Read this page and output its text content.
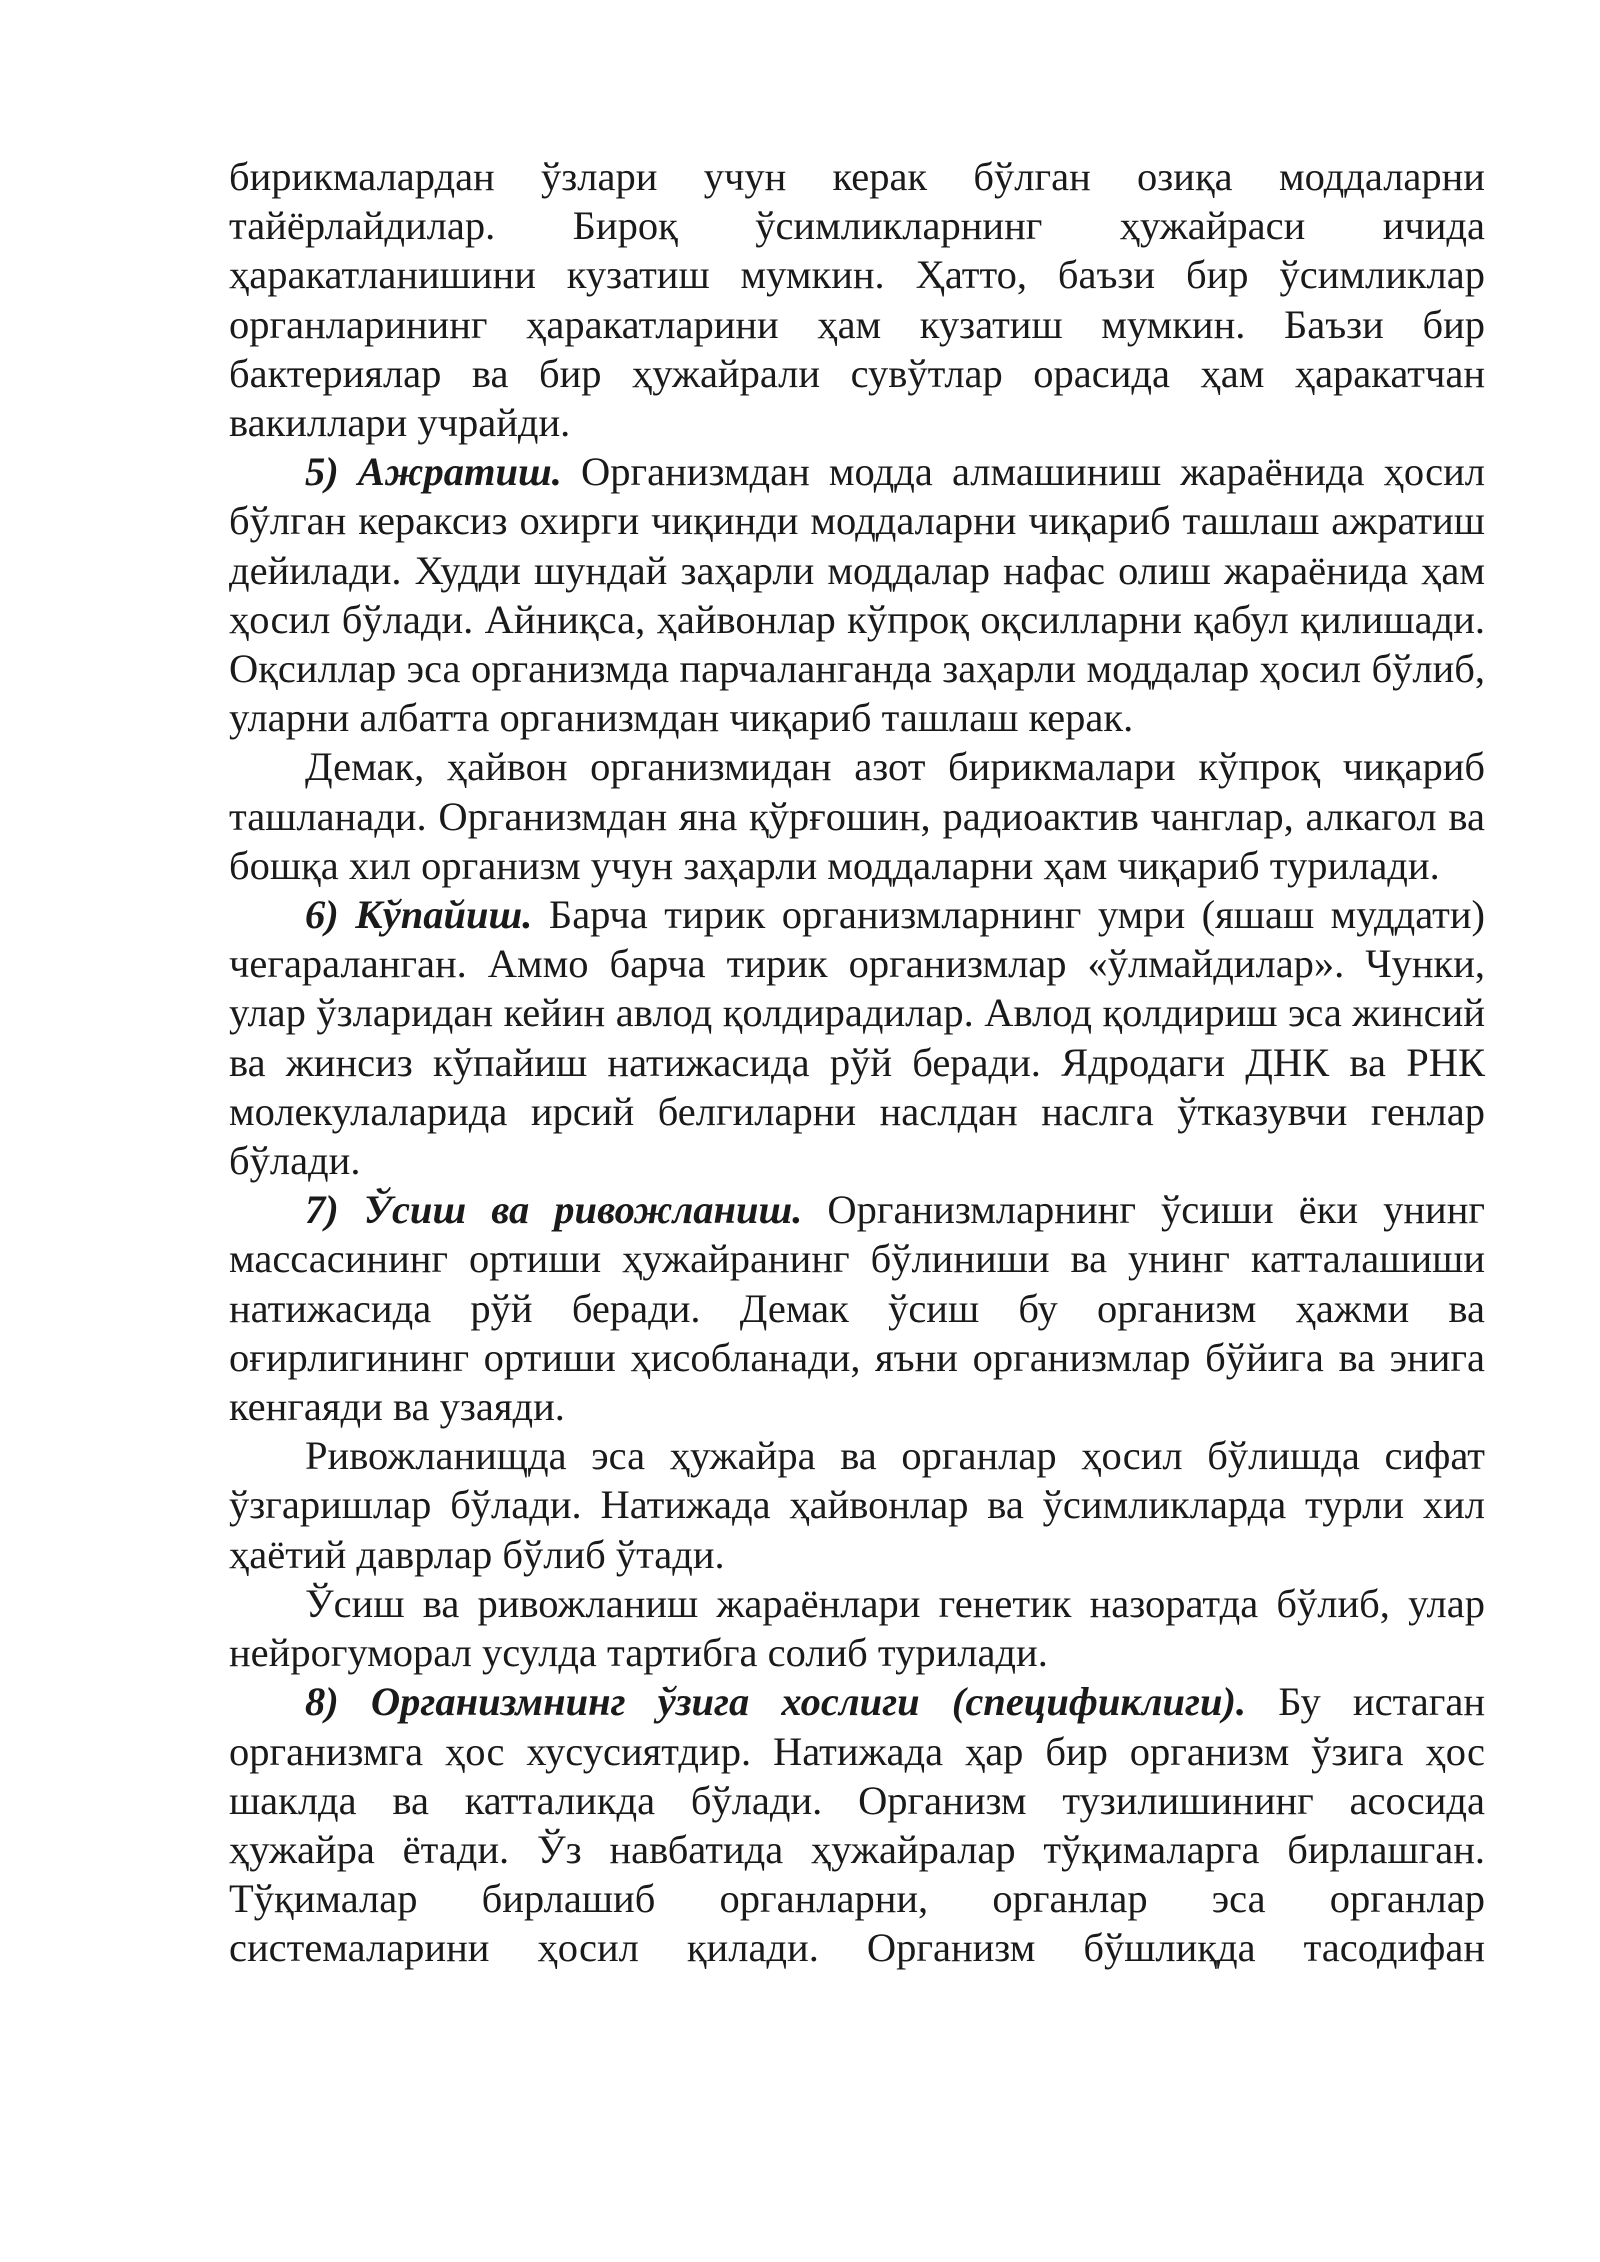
бирикмалардан ўзлари учун керак бўлган озиқа моддаларни тайёрлайдилар. Бироқ ўсимликларнинг ҳужайраси ичида ҳаракатланишини кузатиш мумкин. Ҳатто, баъзи бир ўсимликлар органларининг ҳаракатларини ҳам кузатиш мумкин. Баъзи бир бактериялар ва бир ҳужайрали сувўтлар орасида ҳам ҳаракатчан вакиллари учрайди.

5) Ажратиш. Организмдан модда алмашиниш жараёнида ҳосил бўлган кераксиз охирги чиқинди моддаларни чиқариб ташлаш ажратиш дейилади. Худди шундай заҳарли моддалар нафас олиш жараёнида ҳам ҳосил бўлади. Айниқса, ҳайвонлар кўпроқ оқсилларни қабул қилишади. Оқсиллар эса организмда парчаланганда заҳарли моддалар ҳосил бўлиб, уларни албатта организмдан чиқариб ташлаш керак.

Демак, ҳайвон организмидан азот бирикмалари кўпроқ чиқариб ташланади. Организмдан яна қўрғошин, радиоактив чанглар, алкагол ва бошқа хил организм учун заҳарли моддаларни ҳам чиқариб турилади.

6) Кўпайиш. Барча тирик организмларнинг умри (яшаш муддати) чегараланган. Аммо барча тирик организмлар «ўлмайдилар». Чунки, улар ўзларидан кейин авлод қолдирадилар. Авлод қолдириш эса жинсий ва жинсиз кўпайиш натижасида рўй беради. Ядродаги ДНК ва РНК молекулаларида ирсий белгиларни наслдан наслга ўтказувчи генлар бўлади.

7) Ўсиш ва ривожланиш. Организмларнинг ўсиши ёки унинг массасининг ортиши ҳужайранинг бўлиниши ва унинг катталашиши натижасида рўй беради. Демак ўсиш бу организм ҳажми ва оғирлигининг ортиши ҳисобланади, яъни организмлар бўйига ва энига кенгаяди ва узаяди.

Ривожланищда эса ҳужайра ва органлар ҳосил бўлишда сифат ўзгаришлар бўлади. Натижада ҳайвонлар ва ўсимликларда турли хил ҳаётий даврлар бўлиб ўтади.

Ўсиш ва ривожланиш жараёнлари генетик назоратда бўлиб, улар нейрогуморал усулда тартибга солиб турилади.

8) Организмнинг ўзига хослиги (спецификлиги). Бу истаган организмга ҳос хусусиятдир. Натижада ҳар бир организм ўзига ҳос шаклда ва катталикда бўлади. Организм тузилишининг асосида ҳужайра ётади. Ўз навбатида ҳужайралар тўқималарга бирлашган. Тўқималар бирлашиб органларни, органлар эса органлар системаларини ҳосил қилади. Организм бўшлиқда тасодифан
